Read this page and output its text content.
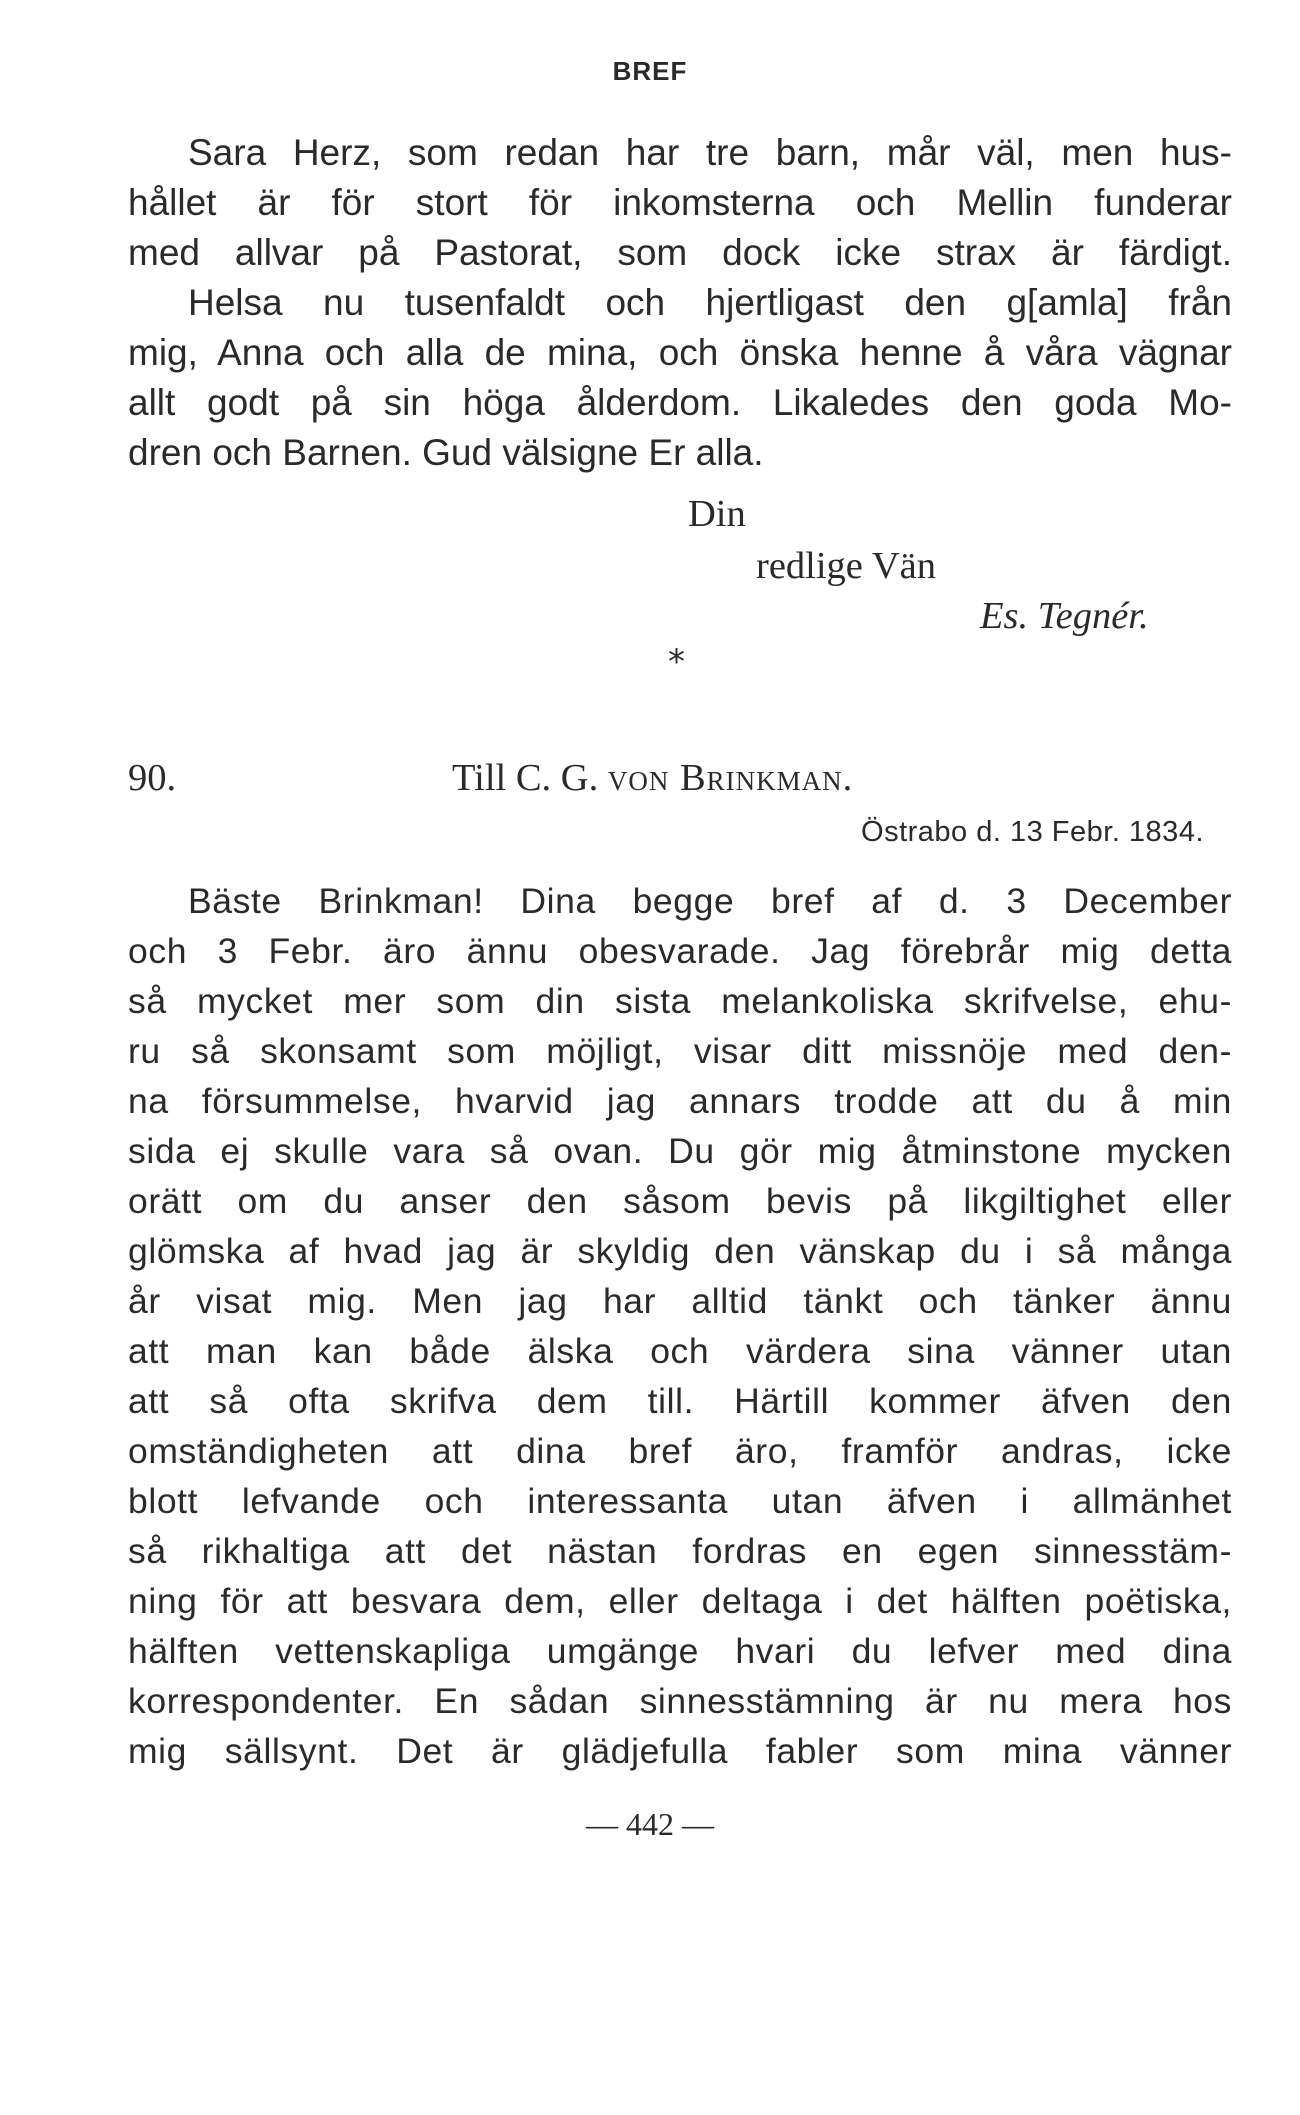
BREF
Sara Herz, som redan har tre barn, mår väl, men hus-
hållet är för stort för inkomsterna och Mellin funderar
med allvar på Pastorat, som dock icke strax är färdigt.
Helsa nu tusenfaldt och hjertligast den g[amla] från
mig, Anna och alla de mina, och önska henne å våra vägnar
allt godt på sin höga ålderdom. Likaledes den goda Mo-
dren och Barnen. Gud välsigne Er alla.
Din
redlige Vän
Es. Tegnér.
*
90.	Till C. G. von Brinkman.
Östrabo d. 13 Febr. 1834.
Bäste Brinkman! Dina begge bref af d. 3 December
och 3 Febr. äro ännu obesvarade. Jag förebrår mig detta
så mycket mer som din sista melankoliska skrifvelse, ehu-
ru så skonsamt som möjligt, visar ditt missnöje med den-
na försummelse, hvarvid jag annars trodde att du å min
sida ej skulle vara så ovan. Du gör mig åtminstone mycken
orätt om du anser den såsom bevis på likgiltighet eller
glömska af hvad jag är skyldig den vänskap du i så många
år visat mig. Men jag har alltid tänkt och tänker ännu
att man kan både älska och värdera sina vänner utan
att så ofta skrifva dem till. Härtill kommer äfven den
omständigheten att dina bref äro, framför andras, icke
blott lefvande och interessanta utan äfven i allmänhet
så rikhaltiga att det nästan fordras en egen sinnesstäm-
ning för att besvara dem, eller deltaga i det hälften poëtiska,
hälften vettenskapliga umgänge hvari du lefver med dina
korrespondenter. En sådan sinnesstämning är nu mera hos
mig sällsynt. Det är glädjefulla fabler som mina vänner
— 442 —
